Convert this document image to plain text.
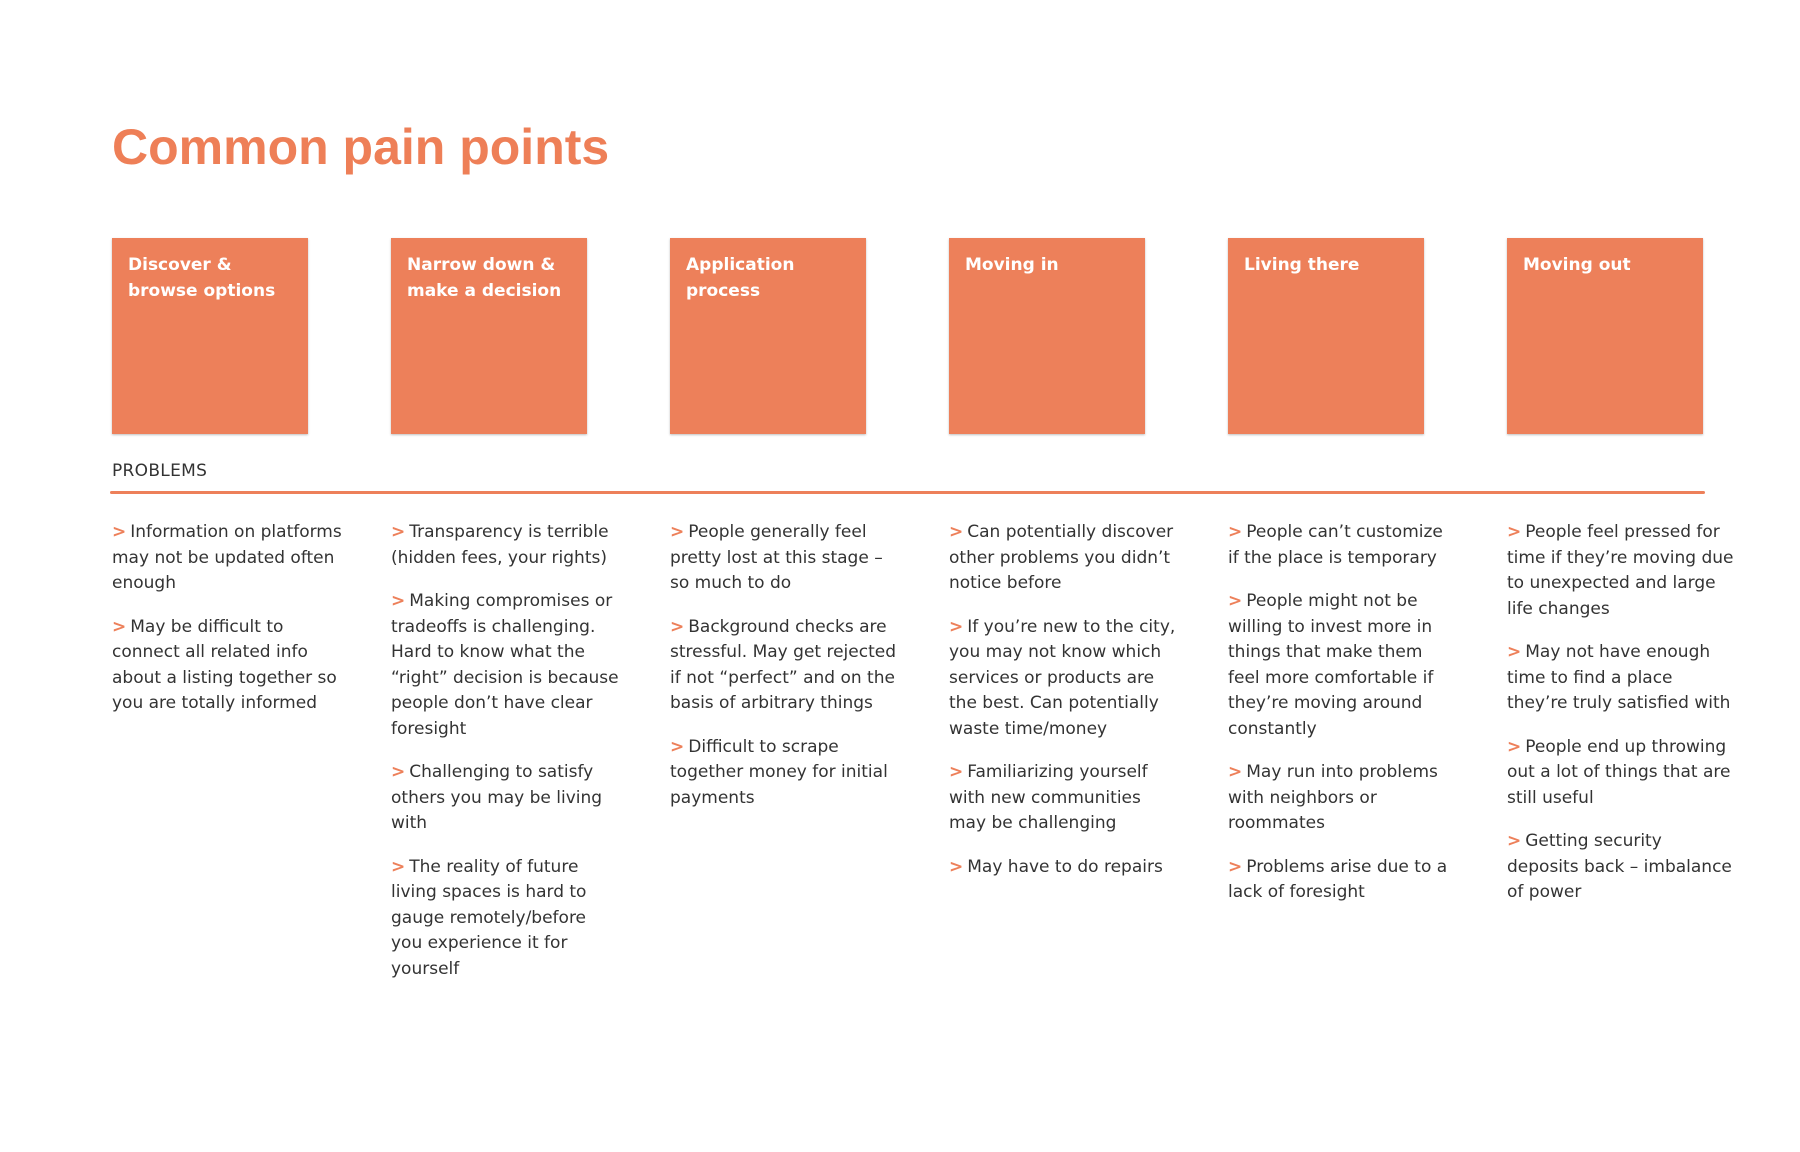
Common pain points
Discover &
browse options
Narrow down &
make a decision
Application
process
Moving in	Living there	Moving out
PROBLEMS

> Information on platforms may not be updated often enough

> May be difficult to connect all related info about a listing together so you are totally informed

> Transparency is terrible (hidden fees, your rights)

> Making compromises or tradeoffs is challenging. Hard to know what the “right” decision is because people don’t have clear foresight

> Challenging to satisfy others you may be living with

> The reality of future living spaces is hard to gauge remotely/before you experience it for yourself

> People generally feel pretty lost at this stage – so much to do

> Background checks are stressful. May get rejected if not “perfect” and on the basis of arbitrary things

> Difficult to scrape together money for initial payments

> Can potentially discover other problems you didn’t notice before

> If you’re new to the city, you may not know which services or products are the best. Can potentially waste time/money

> Familiarizing yourself with new communities may be challenging

> May have to do repairs

> People can’t customize if the place is temporary

> People might not be willing to invest more in things that make them feel more comfortable if they’re moving around constantly

> May run into problems with neighbors or roommates

> Problems arise due to a lack of foresight

> People feel pressed for time if they’re moving due to unexpected and large life changes

> May not have enough time to find a place they’re truly satisfied with

> People end up throwing out a lot of things that are still useful

> Getting security deposits back – imbalance of power
